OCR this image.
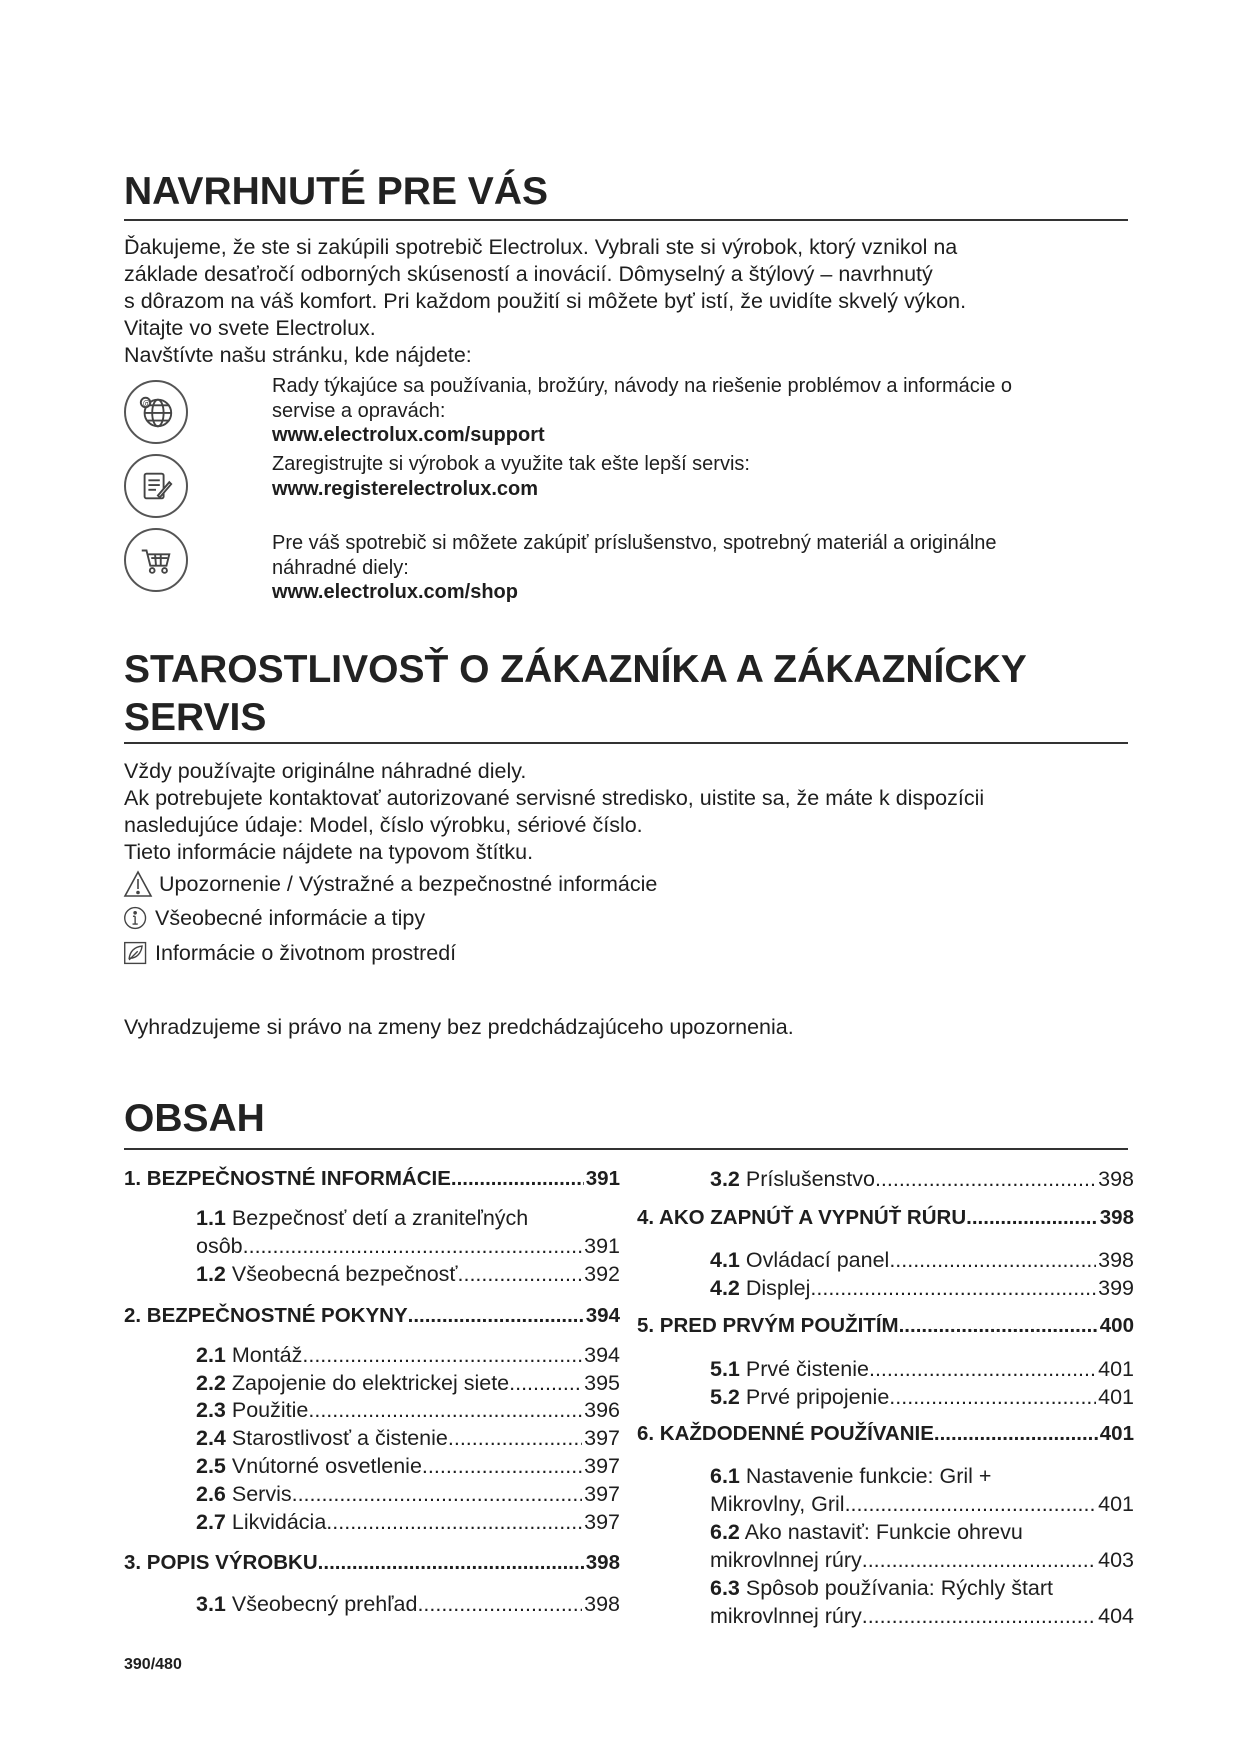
NAVRHNUTÉ PRE VÁS
Ďakujeme, že ste si zakúpili spotrebič Electrolux. Vybrali ste si výrobok, ktorý vznikol na
základe desaťročí odborných skúseností a inovácií. Dômyselný a štýlový – navrhnutý
s dôrazom na váš komfort. Pri každom použití si môžete byť istí, že uvidíte skvelý výkon.
Vitajte vo svete Electrolux.
Navštívte našu stránku, kde nájdete:
@
Rady týkajúce sa používania, brožúry, návody na riešenie problémov a informácie o
servise a opravách:
www.electrolux.com/support
Zaregistrujte si výrobok a využite tak ešte lepší servis:
www.registerelectrolux.com
Pre váš spotrebič si môžete zakúpiť príslušenstvo, spotrebný materiál a originálne
náhradné diely:
www.electrolux.com/shop
STAROSTLIVOSŤ O ZÁKAZNÍKA A ZÁKAZNÍCKY
SERVIS
Vždy používajte originálne náhradné diely.
Ak potrebujete kontaktovať autorizované servisné stredisko, uistite sa, že máte k dispozícii
nasledujúce údaje: Model, číslo výrobku, sériové číslo.
Tieto informácie nájdete na typovom štítku.
Upozornenie / Výstražné a bezpečnostné informácie
Všeobecné informácie a tipy
Informácie o životnom prostredí
Vyhradzujeme si právo na zmeny bez predchádzajúceho upozornenia.
OBSAH
1. BEZPEČNOSTNÉ INFORMÁCIE .....	391
1.1 Bezpečnosť detí a zraniteľných
osôb .....	391
1.2 Všeobecná bezpečnosť .....	392
2. BEZPEČNOSTNÉ POKYNY .....	394
2.1 Montáž .....	394
2.2 Zapojenie do elektrickej siete .....	395
2.3 Použitie .....	396
2.4 Starostlivosť a čistenie .....	397
2.5 Vnútorné osvetlenie .....	397
2.6 Servis .....	397
2.7 Likvidácia .....	397
3. POPIS VÝROBKU .....	398
3.1 Všeobecný prehľad .....	398
3.2 Príslušenstvo .....	398
4. AKO ZAPNÚŤ A VYPNÚŤ RÚRU .....	398
4.1 Ovládací panel .....	398
4.2 Displej .....	399
5. PRED PRVÝM POUŽITÍM .....	400
5.1 Prvé čistenie .....	401
5.2 Prvé pripojenie .....	401
6. KAŽDODENNÉ POUŽÍVANIE .....	401
6.1 Nastavenie funkcie: Gril +
Mikrovlny, Gril .....	401
6.2 Ako nastaviť: Funkcie ohrevu
mikrovlnnej rúry .....	403
6.3 Spôsob používania: Rýchly štart
mikrovlnnej rúry .....	404
390/480
